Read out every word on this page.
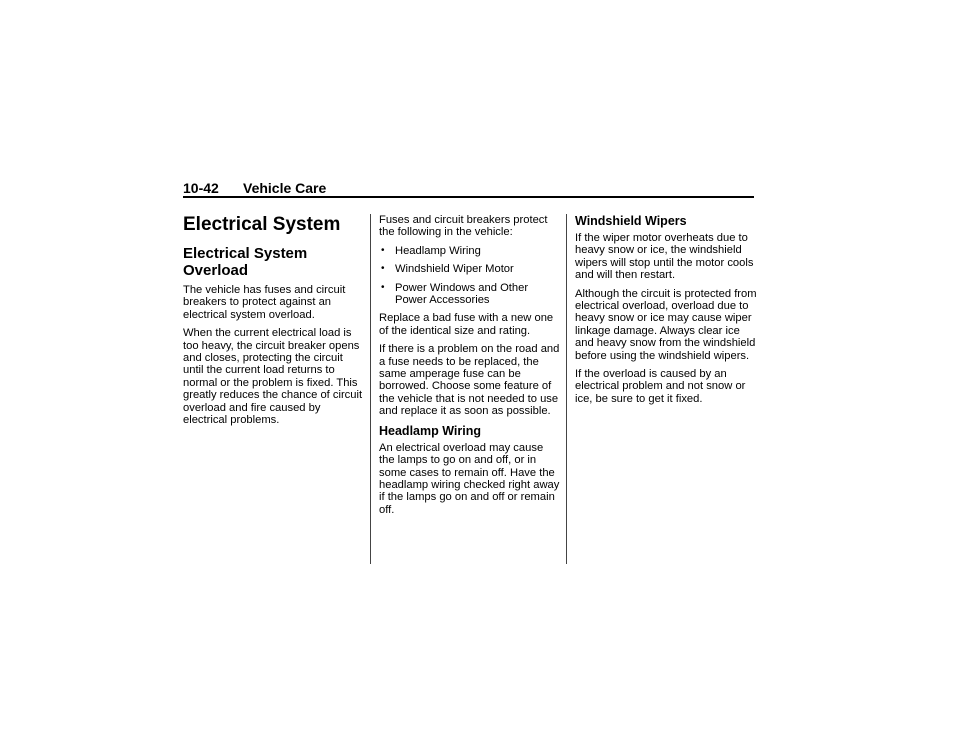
10-42 Vehicle Care
Electrical System
Electrical System Overload

The vehicle has fuses and circuit breakers to protect against an electrical system overload.

When the current electrical load is too heavy, the circuit breaker opens and closes, protecting the circuit until the current load returns to normal or the problem is fixed. This greatly reduces the chance of circuit overload and fire caused by electrical problems.

Fuses and circuit breakers protect the following in the vehicle:

• Headlamp Wiring
• Windshield Wiper Motor
• Power Windows and Other Power Accessories

Replace a bad fuse with a new one of the identical size and rating.

If there is a problem on the road and a fuse needs to be replaced, the same amperage fuse can be borrowed. Choose some feature of the vehicle that is not needed to use and replace it as soon as possible.

Headlamp Wiring

An electrical overload may cause the lamps to go on and off, or in some cases to remain off. Have the headlamp wiring checked right away if the lamps go on and off or remain off.

Windshield Wipers

If the wiper motor overheats due to heavy snow or ice, the windshield wipers will stop until the motor cools and will then restart.

Although the circuit is protected from electrical overload, overload due to heavy snow or ice may cause wiper linkage damage. Always clear ice and heavy snow from the windshield before using the windshield wipers.

If the overload is caused by an electrical problem and not snow or ice, be sure to get it fixed.
